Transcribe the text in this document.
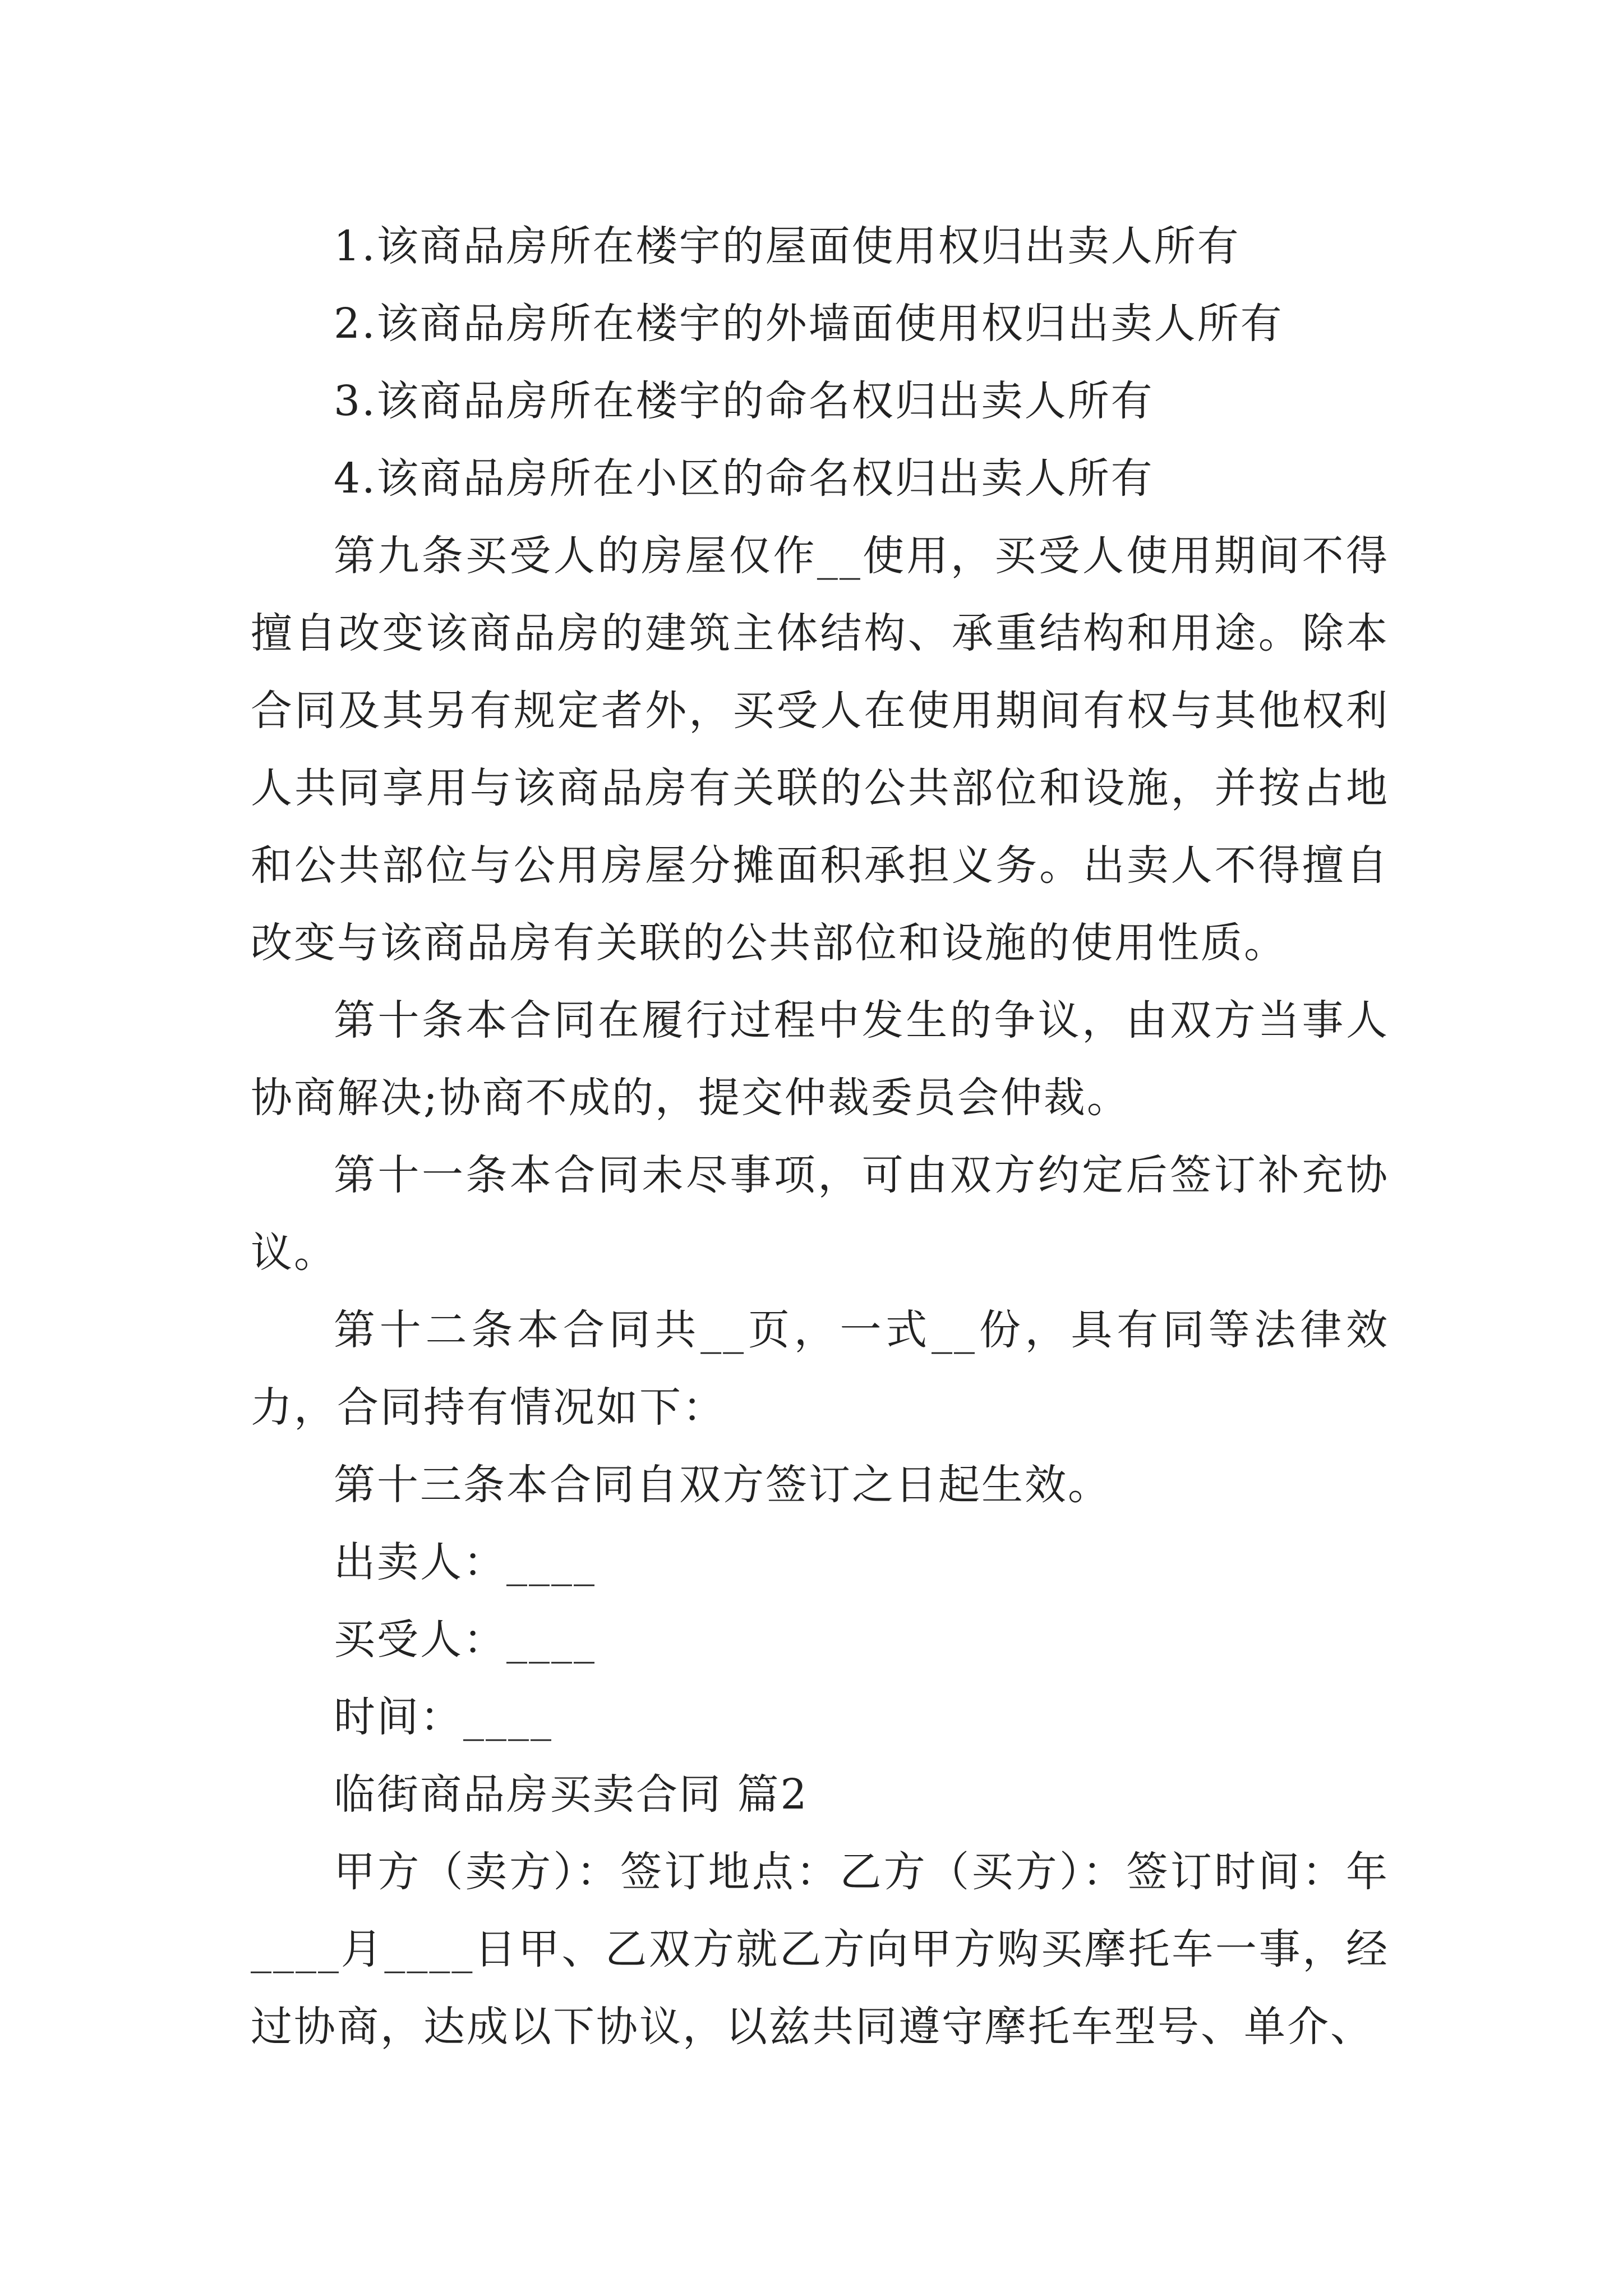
1.该商品房所在楼宇的屋面使用权归出卖人所有

2.该商品房所在楼宇的外墙面使用权归出卖人所有

3.该商品房所在楼宇的命名权归出卖人所有

4.该商品房所在小区的命名权归出卖人所有

第九条买受人的房屋仅作__使用，买受人使用期间不得擅自改变该商品房的建筑主体结构、承重结构和用途。除本合同及其另有规定者外，买受人在使用期间有权与其他权利人共同享用与该商品房有关联的公共部位和设施，并按占地和公共部位与公用房屋分摊面积承担义务。出卖人不得擅自改变与该商品房有关联的公共部位和设施的使用性质。

第十条本合同在履行过程中发生的争议，由双方当事人协商解决;协商不成的，提交仲裁委员会仲裁。

第十一条本合同未尽事项，可由双方约定后签订补充协议。

第十二条本合同共__页，一式__份，具有同等法律效力，合同持有情况如下：

第十三条本合同自双方签订之日起生效。

出卖人：____

买受人：____

时间：____

临街商品房买卖合同 篇2

甲方（卖方）：签订地点：乙方（买方）：签订时间：年____月____日甲、乙双方就乙方向甲方购买摩托车一事，经过协商，达成以下协议，以兹共同遵守摩托车型号、单介、
